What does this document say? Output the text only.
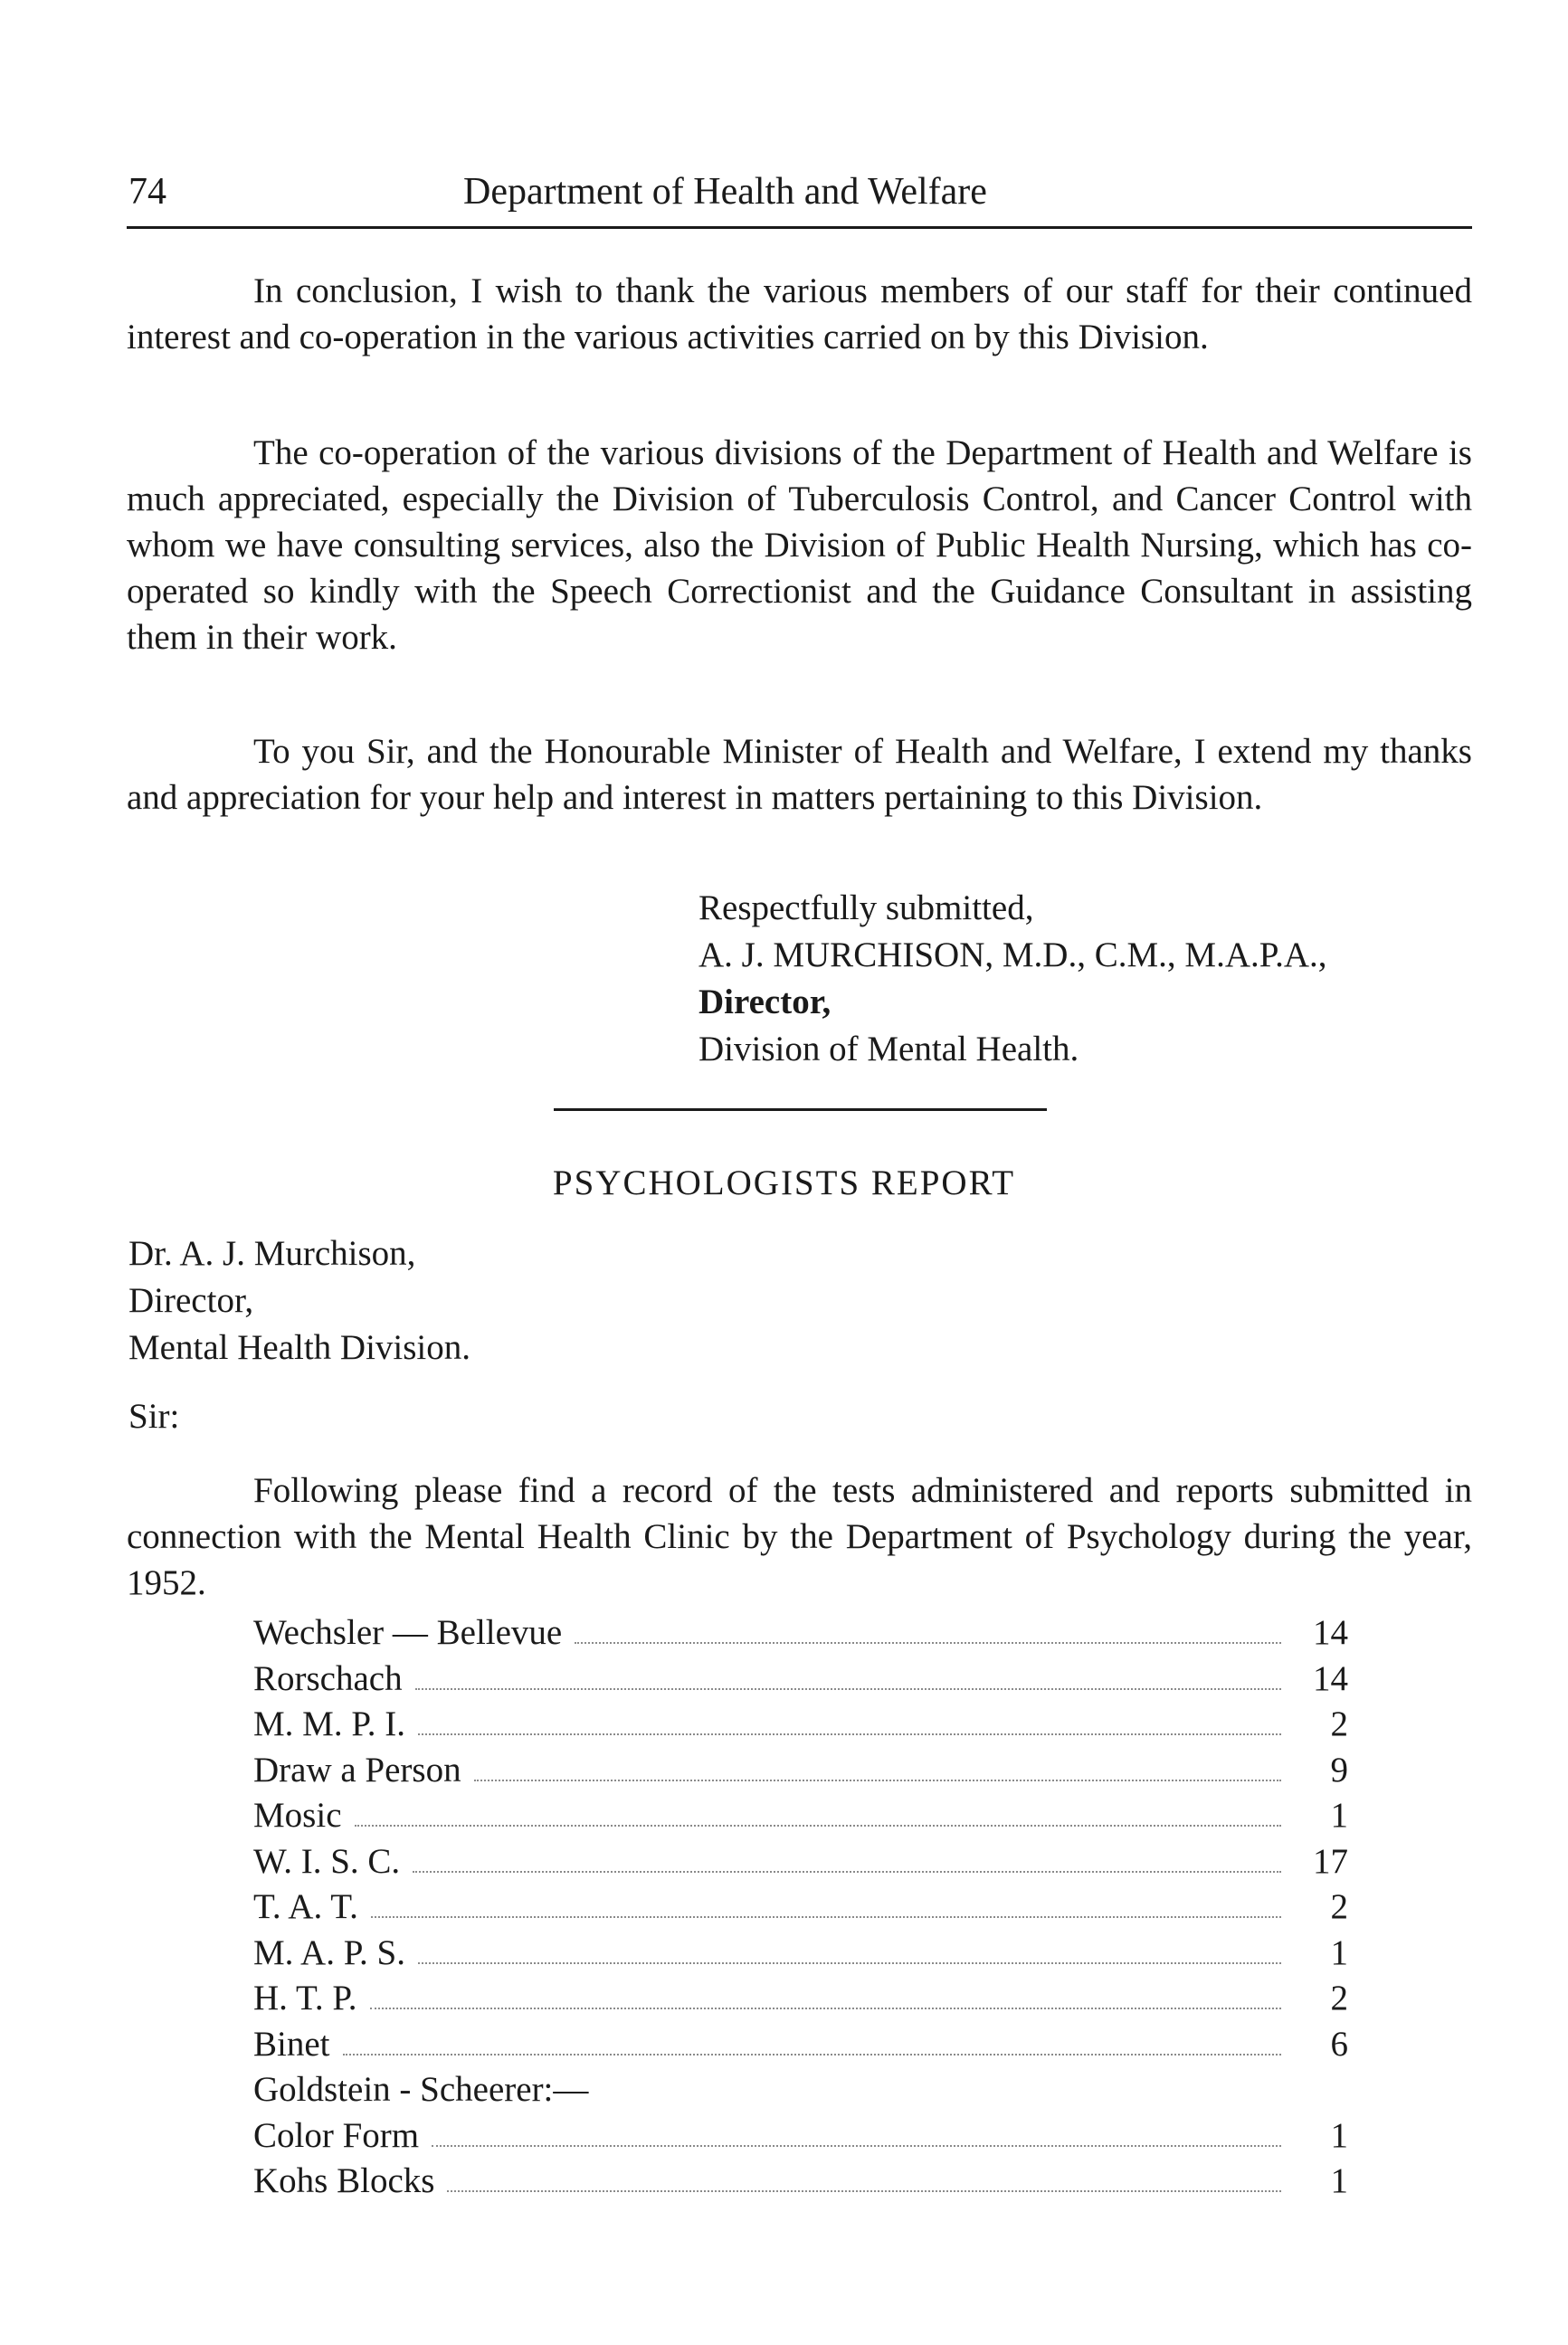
74	Department of Health and Welfare
In conclusion, I wish to thank the various members of our staff for their continued interest and co-operation in the various activities carried on by this Division.
The co-operation of the various divisions of the Department of Health and Welfare is much appreciated, especially the Division of Tuberculosis Control, and Cancer Control with whom we have consulting services, also the Division of Public Health Nursing, which has co-operated so kindly with the Speech Correctionist and the Guidance Consultant in assisting them in their work.
To you Sir, and the Honourable Minister of Health and Welfare, I extend my thanks and appreciation for your help and interest in matters pertaining to this Division.
Respectfully submitted,
A. J. MURCHISON, M.D., C.M., M.A.P.A.,
Director,
Division of Mental Health.
PSYCHOLOGISTS REPORT
Dr. A. J. Murchison,
Director,
Mental Health Division.
Sir:
Following please find a record of the tests administered and reports submitted in connection with the Mental Health Clinic by the Department of Psychology during the year, 1952.
Wechsler — Bellevue	14
Rorschach	14
M. M. P. I.	2
Draw a Person	9
Mosic	1
W. I. S. C.	17
T. A. T.	2
M. A. P. S.	1
H. T. P.	2
Binet	6
Goldstein - Scheerer:—
Color Form	1
Kohs Blocks	1
